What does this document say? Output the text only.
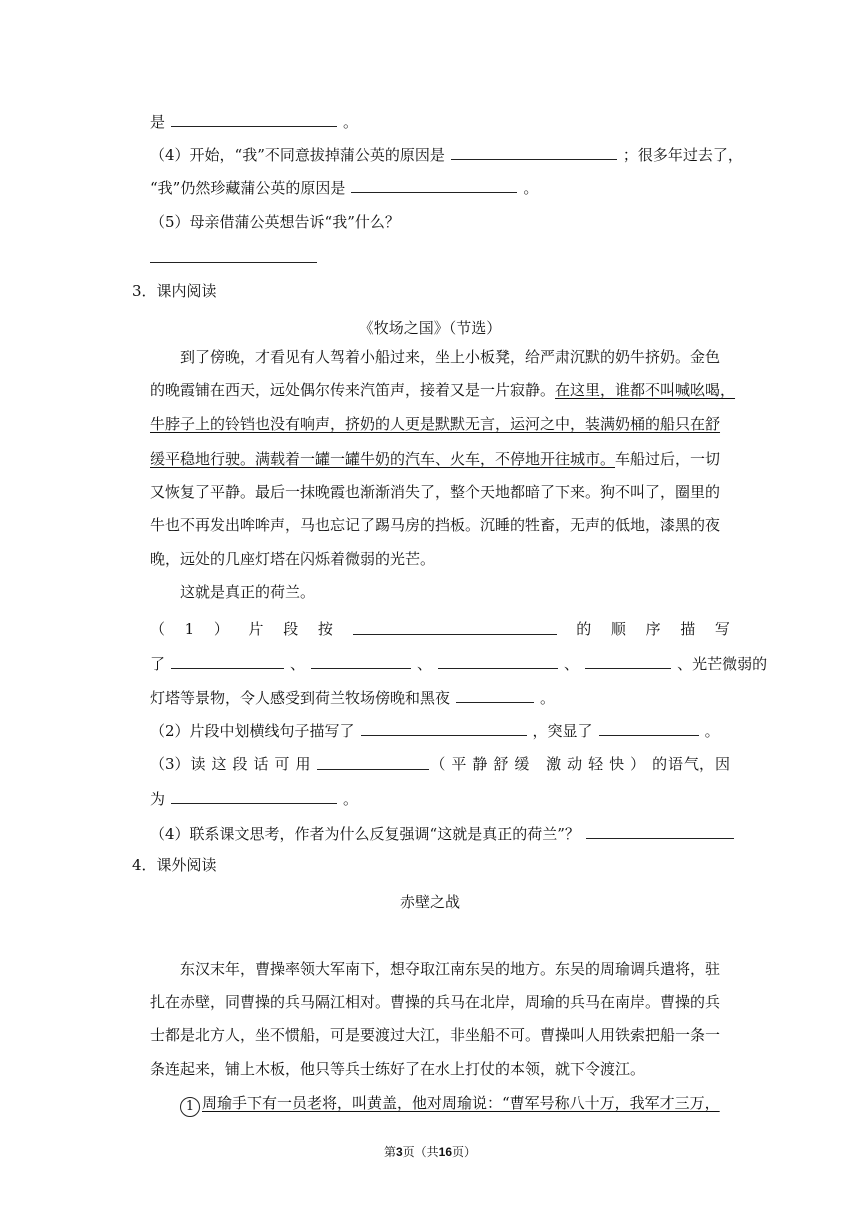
是	。
（4）开始，“我”不同意拔掉蒲公英的原因是	；很多年过去了，
“我”仍然珍藏蒲公英的原因是	。
（5）母亲借蒲公英想告诉“我”什么？
3．课内阅读
《牧场之国》（节选）
到了傍晚，才看见有人驾着小船过来，坐上小板凳，给严肃沉默的奶牛挤奶。金色
的晚霞铺在西天，远处偶尔传来汽笛声，接着又是一片寂静。在这里，谁都不叫喊吆喝，
牛脖子上的铃铛也没有响声，挤奶的人更是默默无言，运河之中，装满奶桶的船只在舒
缓平稳地行驶。满载着一罐一罐牛奶的汽车、火车，不停地开往城市。车船过后，一切
又恢复了平静。最后一抹晚霞也渐渐消失了，整个天地都暗了下来。狗不叫了，圈里的
牛也不再发出哞哞声，马也忘记了踢马房的挡板。沉睡的牲畜，无声的低地，漆黑的夜
晚，远处的几座灯塔在闪烁着微弱的光芒。
这就是真正的荷兰。
（ 1 ） 片 段 按	的 顺 序 描 写
了	、	、	、	、光芒微弱的
灯塔等景物，令人感受到荷兰牧场傍晚和黑夜	。
（2）片段中划横线句子描写了	，突显了	。
（3） 读这段话可用	（平静舒缓 激动轻快） 的 语 气， 因
为	。
（4）联系课文思考，作者为什么反复强调“这就是真正的荷兰”？
4．课外阅读
赤壁之战
东汉末年，曹操率领大军南下，想夺取江南东吴的地方。东吴的周瑜调兵遣将，驻
扎在赤壁，同曹操的兵马隔江相对。曹操的兵马在北岸，周瑜的兵马在南岸。曹操的兵
士都是北方人，坐不惯船，可是要渡过大江，非坐船不可。曹操叫人用铁索把船一条一
条连起来，铺上木板，他只等兵士练好了在水上打仗的本领，就下令渡江。
1 周瑜手下有一员老将，叫黄盖，他对周瑜说：“曹军号称八十万，我军才三万，
第3页（共16页）
